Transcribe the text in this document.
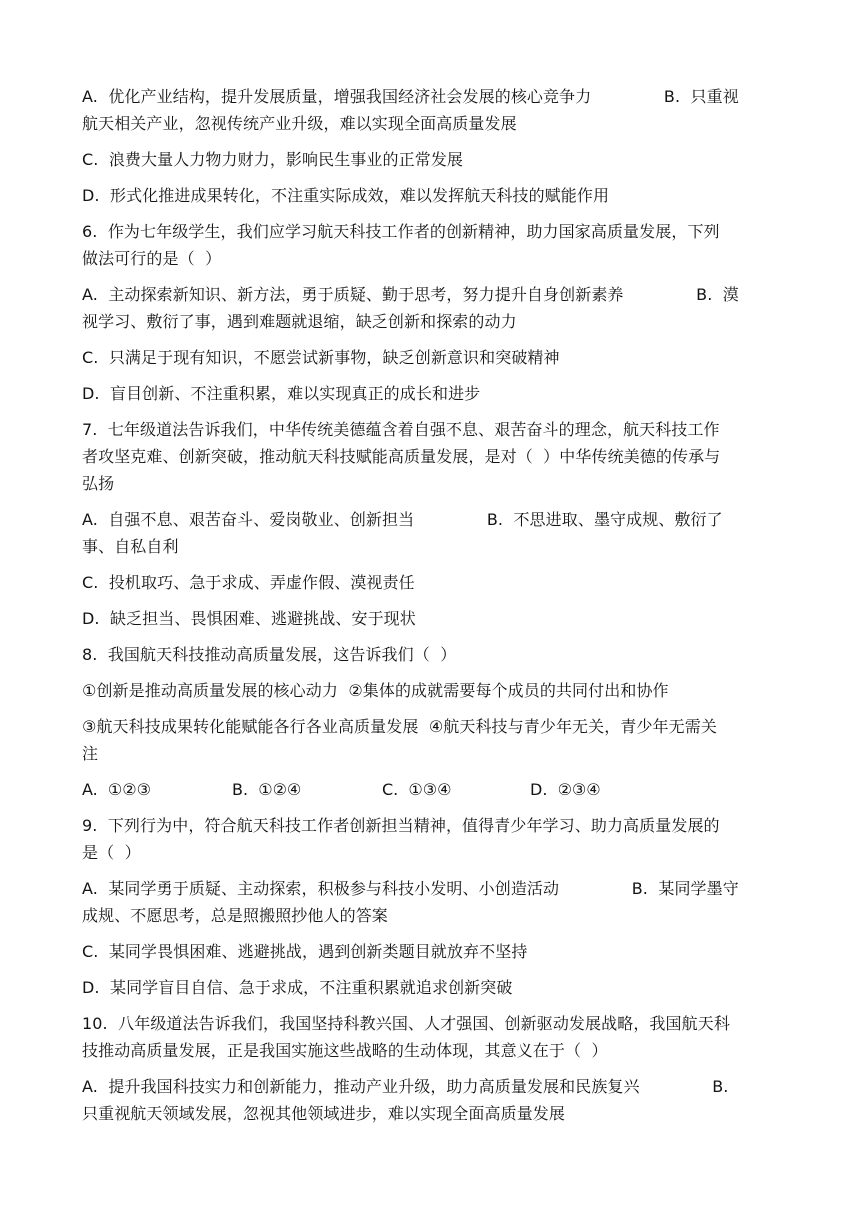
A.  优化产业结构，提升发展质量，增强我国经济社会发展的核心竞争力              B.  只重视
航天相关产业，忽视传统产业升级，难以实现全面高质量发展
C.  浪费大量人力物力财力，影响民生事业的正常发展
D.  形式化推进成果转化，不注重实际成效，难以发挥航天科技的赋能作用
6.  作为七年级学生，我们应学习航天科技工作者的创新精神，助力国家高质量发展，下列
做法可行的是（  ）
A.  主动探索新知识、新方法，勇于质疑、勤于思考，努力提升自身创新素养              B.  漠
视学习、敷衍了事，遇到难题就退缩，缺乏创新和探索的动力
C.  只满足于现有知识，不愿尝试新事物，缺乏创新意识和突破精神
D.  盲目创新、不注重积累，难以实现真正的成长和进步
7.  七年级道法告诉我们，中华传统美德蕴含着自强不息、艰苦奋斗的理念，航天科技工作
者攻坚克难、创新突破，推动航天科技赋能高质量发展，是对（  ）中华传统美德的传承与
弘扬
A.  自强不息、艰苦奋斗、爱岗敬业、创新担当              B.  不思进取、墨守成规、敷衍了
事、自私自利
C.  投机取巧、急于求成、弄虚作假、漠视责任
D.  缺乏担当、畏惧困难、逃避挑战、安于现状
8.  我国航天科技推动高质量发展，这告诉我们（  ）
①创新是推动高质量发展的核心动力  ②集体的成就需要每个成员的共同付出和协作
③航天科技成果转化能赋能各行各业高质量发展  ④航天科技与青少年无关，青少年无需关
注
A.  ①②③	B.  ①②④	C.  ①③④	D.  ②③④
9.  下列行为中，符合航天科技工作者创新担当精神，值得青少年学习、助力高质量发展的
是（  ）
A.  某同学勇于质疑、主动探索，积极参与科技小发明、小创造活动              B.  某同学墨守
成规、不愿思考，总是照搬照抄他人的答案
C.  某同学畏惧困难、逃避挑战，遇到创新类题目就放弃不坚持
D.  某同学盲目自信、急于求成，不注重积累就追求创新突破
10.  八年级道法告诉我们，我国坚持科教兴国、人才强国、创新驱动发展战略，我国航天科
技推动高质量发展，正是我国实施这些战略的生动体现，其意义在于（  ）
A.  提升我国科技实力和创新能力，推动产业升级，助力高质量发展和民族复兴              B.
只重视航天领域发展，忽视其他领域进步，难以实现全面高质量发展
